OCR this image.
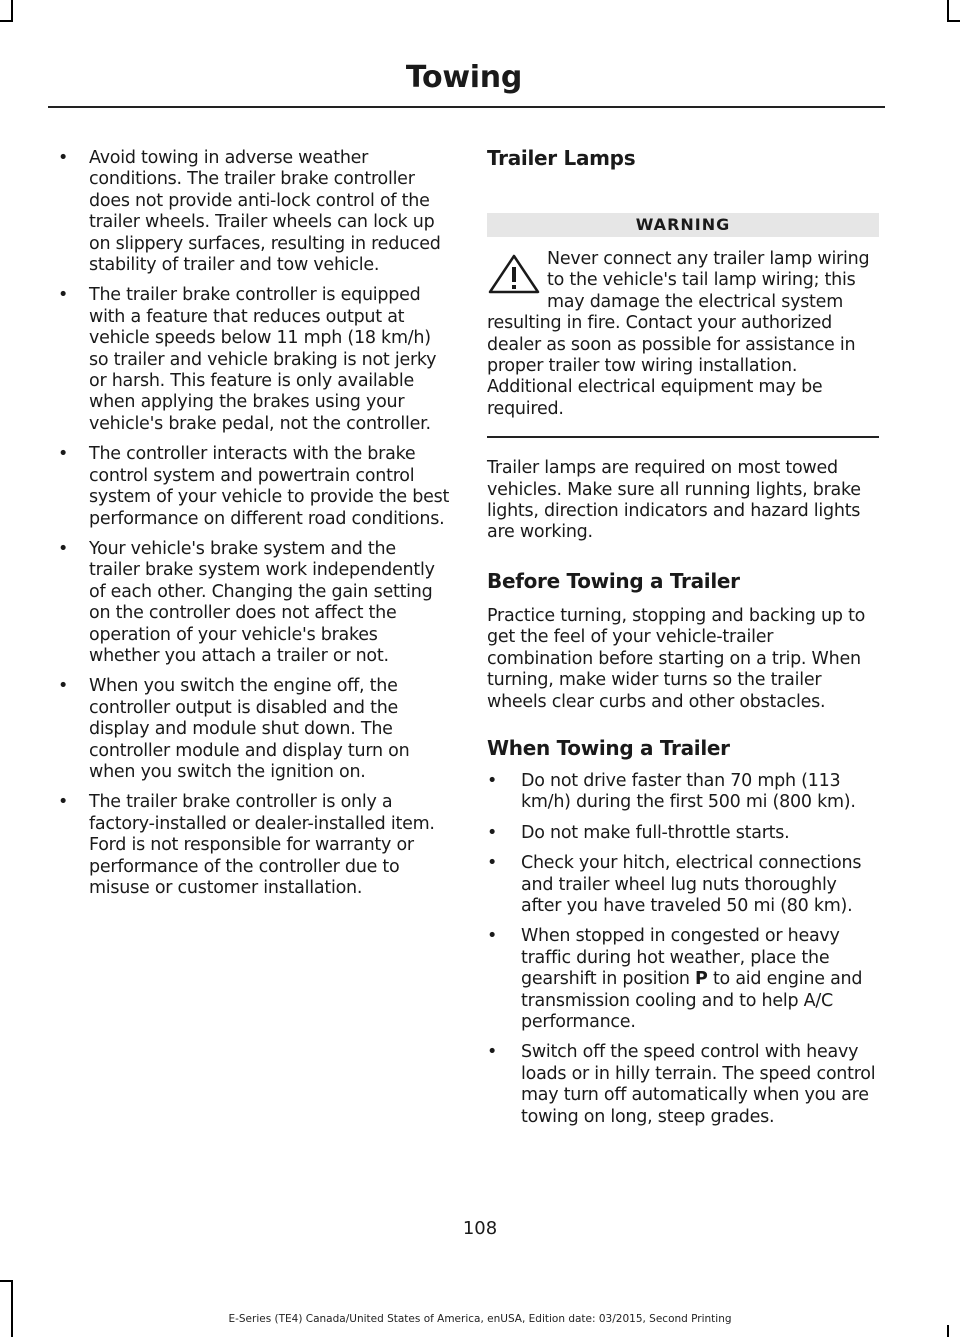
Towing
• Avoid towing in adverse weather conditions. The trailer brake controller does not provide anti-lock control of the trailer wheels. Trailer wheels can lock up on slippery surfaces, resulting in reduced stability of trailer and tow vehicle.
• The trailer brake controller is equipped with a feature that reduces output at vehicle speeds below 11 mph (18 km/h) so trailer and vehicle braking is not jerky or harsh. This feature is only available when applying the brakes using your vehicle's brake pedal, not the controller.
• The controller interacts with the brake control system and powertrain control system of your vehicle to provide the best performance on different road conditions.
• Your vehicle's brake system and the trailer brake system work independently of each other. Changing the gain setting on the controller does not affect the operation of your vehicle's brakes whether you attach a trailer or not.
• When you switch the engine off, the controller output is disabled and the display and module shut down. The controller module and display turn on when you switch the ignition on.
• The trailer brake controller is only a factory-installed or dealer-installed item. Ford is not responsible for warranty or performance of the controller due to misuse or customer installation.
Trailer Lamps
WARNING
Never connect any trailer lamp wiring to the vehicle's tail lamp wiring; this may damage the electrical system resulting in fire. Contact your authorized dealer as soon as possible for assistance in proper trailer tow wiring installation. Additional electrical equipment may be required.

Trailer lamps are required on most towed vehicles. Make sure all running lights, brake lights, direction indicators and hazard lights are working.

Before Towing a Trailer

Practice turning, stopping and backing up to get the feel of your vehicle-trailer combination before starting on a trip. When turning, make wider turns so the trailer wheels clear curbs and other obstacles.

When Towing a Trailer
• Do not drive faster than 70 mph (113 km/h) during the first 500 mi (800 km).
• Do not make full-throttle starts.
• Check your hitch, electrical connections and trailer wheel lug nuts thoroughly after you have traveled 50 mi (80 km).
• When stopped in congested or heavy traffic during hot weather, place the gearshift in position P to aid engine and transmission cooling and to help A/C performance.
• Switch off the speed control with heavy loads or in hilly terrain. The speed control may turn off automatically when you are towing on long, steep grades.
108
E-Series (TE4) Canada/United States of America, enUSA, Edition date: 03/2015, Second Printing
